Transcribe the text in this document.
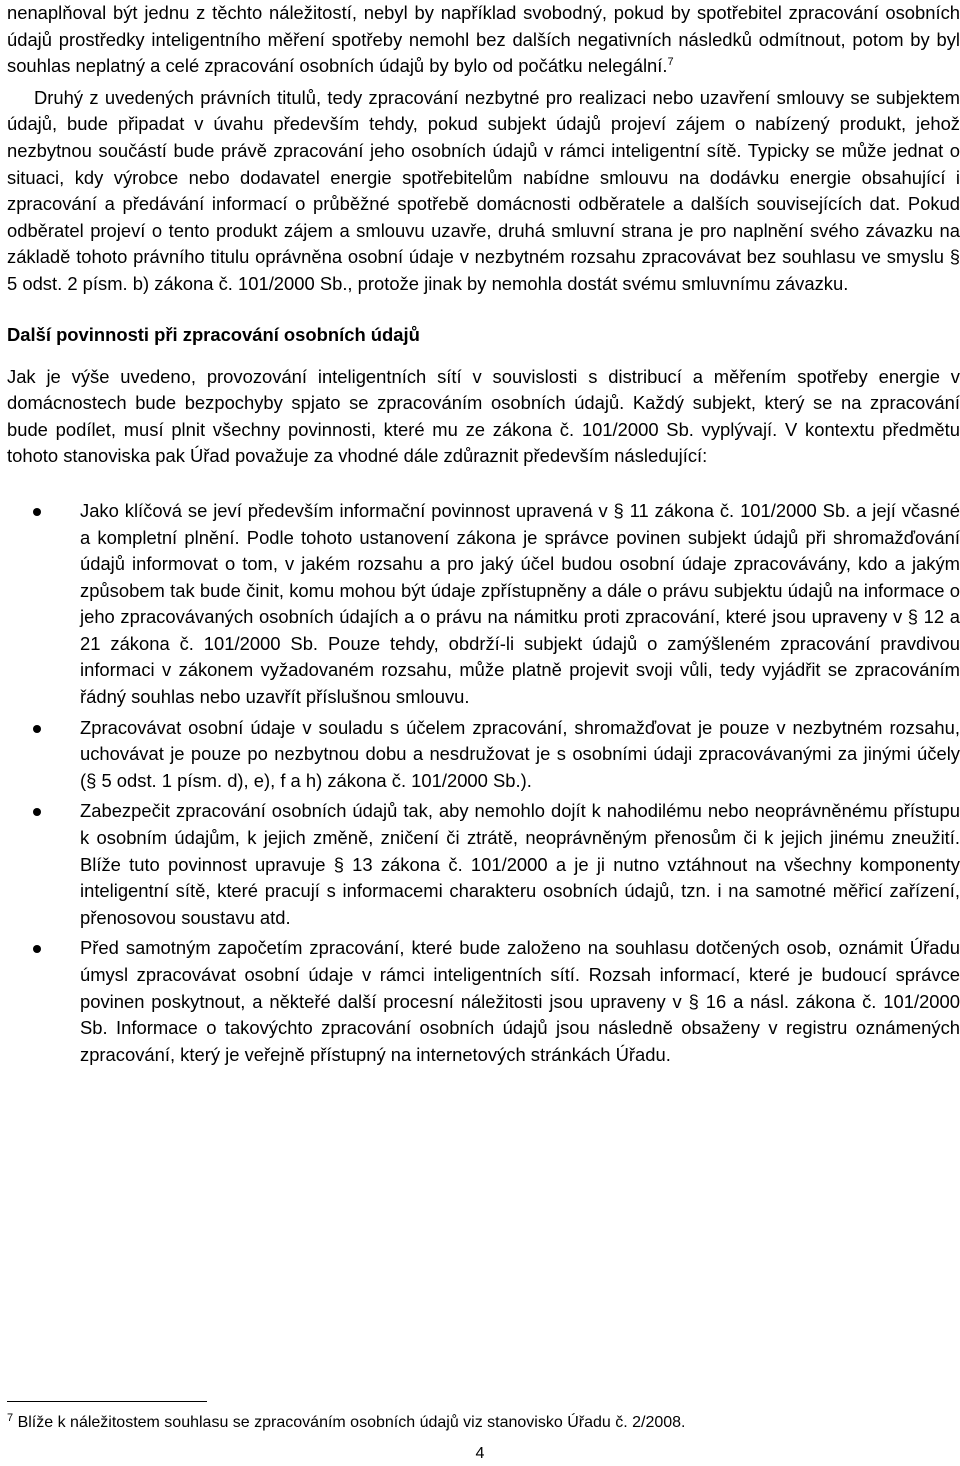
nenaplňoval být jednu z těchto náležitostí, nebyl by například svobodný, pokud by spotřebitel zpracování osobních údajů prostředky inteligentního měření spotřeby nemohl bez dalších negativních následků odmítnout, potom by byl souhlas neplatný a celé zpracování osobních údajů by bylo od počátku nelegální.$^7$

Druhý z uvedených právních titulů, tedy zpracování nezbytné pro realizaci nebo uzavření smlouvy se subjektem údajů, bude připadat v úvahu především tehdy, pokud subjekt údajů projeví zájem o nabízený produkt, jehož nezbytnou součástí bude právě zpracování jeho osobních údajů v rámci inteligentní sítě. Typicky se může jednat o situaci, kdy výrobce nebo dodavatel energie spotřebitelům nabídne smlouvu na dodávku energie obsahující i zpracování a předávání informací o průběžné spotřebě domácnosti odběratele a dalších souvisejících dat. Pokud odběratel projeví o tento produkt zájem a smlouvu uzavře, druhá smluvní strana je pro naplnění svého závazku na základě tohoto právního titulu oprávněna osobní údaje v nezbytném rozsahu zpracovávat bez souhlasu ve smyslu § 5 odst. 2 písm. b) zákona č. 101/2000 Sb., protože jinak by nemohla dostát svému smluvnímu závazku.

Další povinnosti při zpracování osobních údajů

Jak je výše uvedeno, provozování inteligentních sítí v souvislosti s distribucí a měřením spotřeby energie v domácnostech bude bezpochyby spjato se zpracováním osobních údajů. Každý subjekt, který se na zpracování bude podílet, musí plnit všechny povinnosti, které mu ze zákona č. 101/2000 Sb. vyplývají. V kontextu předmětu tohoto stanoviska pak Úřad považuje za vhodné dále zdůraznit především následující:

Jako klíčová se jeví především informační povinnost upravená v § 11 zákona č. 101/2000 Sb. a její včasné a kompletní plnění. Podle tohoto ustanovení zákona je správce povinen subjekt údajů při shromažďování údajů informovat o tom, v jakém rozsahu a pro jaký účel budou osobní údaje zpracovávány, kdo a jakým způsobem tak bude činit, komu mohou být údaje zpřístupněny a dále o právu subjektu údajů na informace o jeho zpracovávaných osobních údajích a o právu na námitku proti zpracování, které jsou upraveny v § 12 a 21 zákona č. 101/2000 Sb. Pouze tehdy, obdrží-li subjekt údajů o zamýšleném zpracování pravdivou informaci v zákonem vyžadovaném rozsahu, může platně projevit svoji vůli, tedy vyjádřit se zpracováním řádný souhlas nebo uzavřít příslušnou smlouvu.
Zpracovávat osobní údaje v souladu s účelem zpracování, shromažďovat je pouze v nezbytném rozsahu, uchovávat je pouze po nezbytnou dobu a nesdružovat je s osobními údaji zpracovávanými za jinými účely (§ 5 odst. 1 písm. d), e), f a h) zákona č. 101/2000 Sb.).
Zabezpečit zpracování osobních údajů tak, aby nemohlo dojít k nahodilému nebo neoprávněnému přístupu k osobním údajům, k jejich změně, zničení či ztrátě, neoprávněným přenosům či k jejich jinému zneužití. Blíže tuto povinnost upravuje § 13 zákona č. 101/2000 a je ji nutno vztáhnout na všechny komponenty inteligentní sítě, které pracují s informacemi charakteru osobních údajů, tzn. i na samotné měřicí zařízení, přenosovou soustavu atd.
Před samotným započetím zpracování, které bude založeno na souhlasu dotčených osob, oznámit Úřadu úmysl zpracovávat osobní údaje v rámci inteligentních sítí. Rozsah informací, které je budoucí správce povinen poskytnout, a někteřé další procesní náležitosti jsou upraveny v § 16 a násl. zákona č. 101/2000 Sb. Informace o takovýchto zpracování osobních údajů jsou následně obsaženy v registru oznámených zpracování, který je veřejně přístupný na internetových stránkách Úřadu.
$^7$ Blíže k náležitostem souhlasu se zpracováním osobních údajů viz stanovisko Úřadu č. 2/2008.
4
